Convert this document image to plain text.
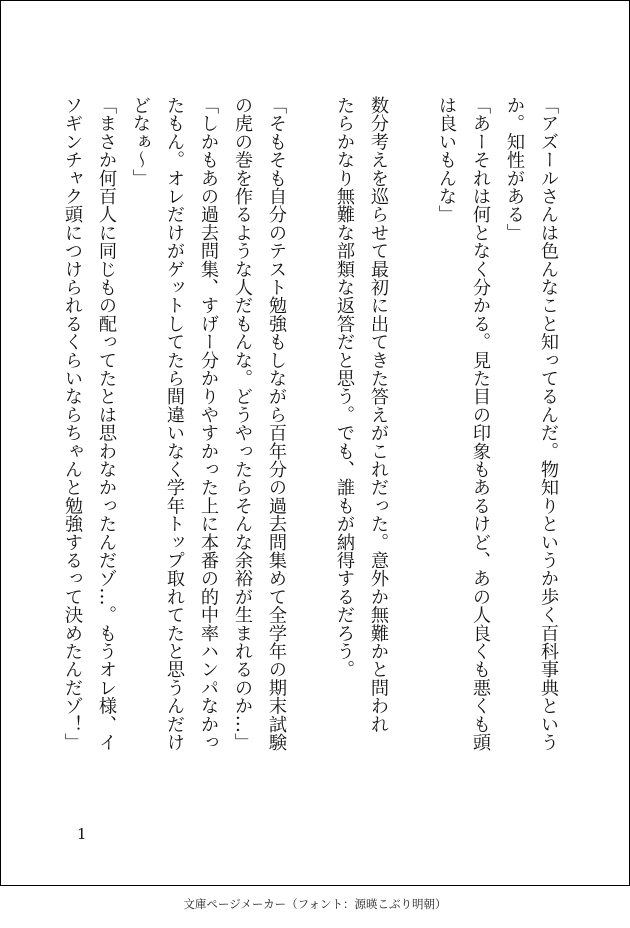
「アズールさんは色んなこと知ってるんだ。物知りというか歩く百科事典という
か。知性がある」
「あーそれは何となく分かる。見た目の印象もあるけど、あの人良くも悪くも頭
は良いもんな」
数分考えを巡らせて最初に出てきた答えがこれだった。意外か無難かと問われ
たらかなり無難な部類な返答だと思う。でも、誰もが納得するだろう。
「そもそも自分のテスト勉強もしながら百年分の過去問集めて全学年の期末試験
の虎の巻を作るような人だもんな。どうやったらそんな余裕が生まれるのか…」
「しかもあの過去問集、すげー分かりやすかった上に本番の的中率ハンパなかっ
たもん。オレだけがゲットしてたら間違いなく学年トップ取れてたと思うんだけ
どなぁ～」
「まさか何百人に同じもの配ってたとは思わなかったんだゾ…。もうオレ様、イ
ソギンチャク頭につけられるくらいならちゃんと勉強するって決めたんだゾ！」
1
文庫ページメーカー（フォント：源暎こぶり明朝）
